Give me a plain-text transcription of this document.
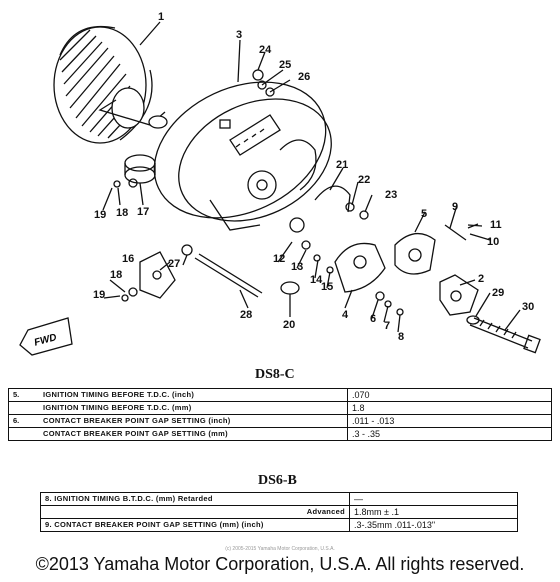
1
2
3
4
5
6
7
8
9
10
11
12
13
14
15
16
17
18
18
19
19
20
21
22
23
24
25
26
27
28
29
30
FWD
DS8-C
5.	IGNITION TIMING BEFORE T.D.C. (inch)	.070
	IGNITION TIMING BEFORE T.D.C. (mm)	1.8
6.	CONTACT BREAKER POINT GAP SETTING (inch)	.011 - .013
	CONTACT BREAKER POINT GAP SETTING (mm)	.3 - .35
DS6-B
8. IGNITION TIMING B.T.D.C. (mm) Retarded	—
Advanced	1.8mm ± .1
9. CONTACT BREAKER POINT GAP SETTING (mm) (inch)	.3-.35mm .011-.013"
(c) 2005-2015 Yamaha Motor Corporation, U.S.A.
©2013 Yamaha Motor Corporation, U.S.A. All rights reserved.
